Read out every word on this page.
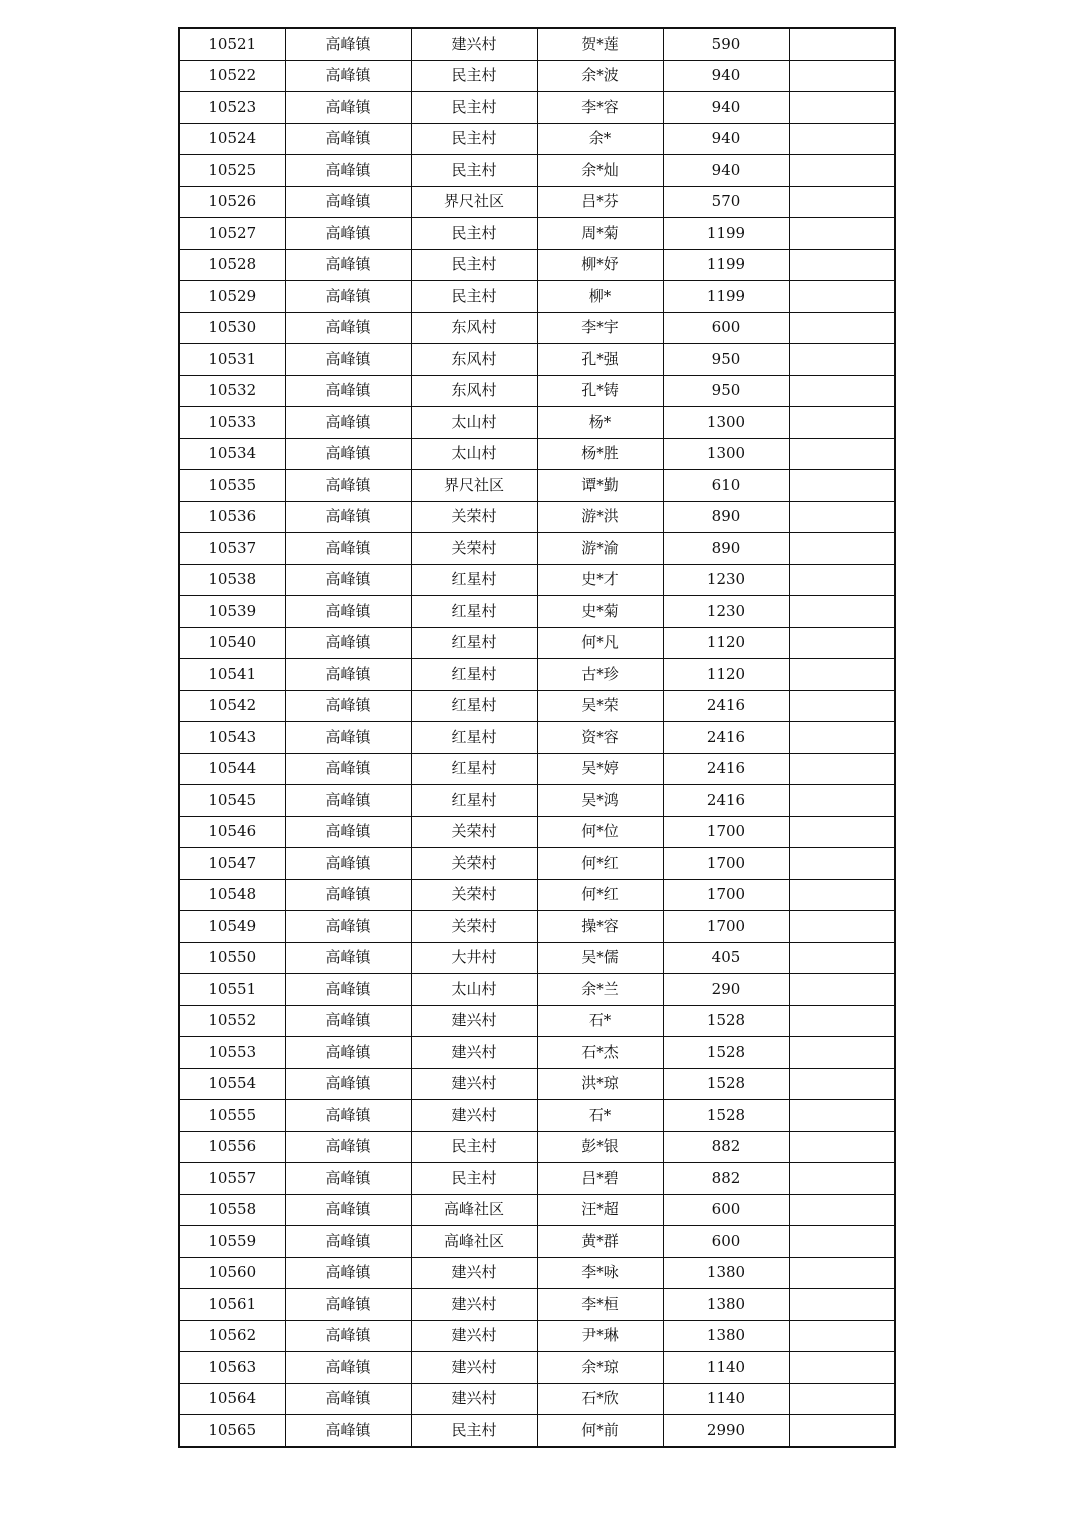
10521	高峰镇	建兴村	贺*莲	590	
10522	高峰镇	民主村	余*波	940	
10523	高峰镇	民主村	李*容	940	
10524	高峰镇	民主村	余*	940	
10525	高峰镇	民主村	余*灿	940	
10526	高峰镇	界尺社区	吕*芬	570	
10527	高峰镇	民主村	周*菊	1199	
10528	高峰镇	民主村	柳*妤	1199	
10529	高峰镇	民主村	柳*	1199	
10530	高峰镇	东风村	李*宇	600	
10531	高峰镇	东风村	孔*强	950	
10532	高峰镇	东风村	孔*铸	950	
10533	高峰镇	太山村	杨*	1300	
10534	高峰镇	太山村	杨*胜	1300	
10535	高峰镇	界尺社区	谭*勤	610	
10536	高峰镇	关荣村	游*洪	890	
10537	高峰镇	关荣村	游*渝	890	
10538	高峰镇	红星村	史*才	1230	
10539	高峰镇	红星村	史*菊	1230	
10540	高峰镇	红星村	何*凡	1120	
10541	高峰镇	红星村	古*珍	1120	
10542	高峰镇	红星村	吴*荣	2416	
10543	高峰镇	红星村	资*容	2416	
10544	高峰镇	红星村	吴*婷	2416	
10545	高峰镇	红星村	吴*鸿	2416	
10546	高峰镇	关荣村	何*位	1700	
10547	高峰镇	关荣村	何*红	1700	
10548	高峰镇	关荣村	何*红	1700	
10549	高峰镇	关荣村	操*容	1700	
10550	高峰镇	大井村	吴*儒	405	
10551	高峰镇	太山村	余*兰	290	
10552	高峰镇	建兴村	石*	1528	
10553	高峰镇	建兴村	石*杰	1528	
10554	高峰镇	建兴村	洪*琼	1528	
10555	高峰镇	建兴村	石*	1528	
10556	高峰镇	民主村	彭*银	882	
10557	高峰镇	民主村	吕*碧	882	
10558	高峰镇	高峰社区	汪*超	600	
10559	高峰镇	高峰社区	黄*群	600	
10560	高峰镇	建兴村	李*咏	1380	
10561	高峰镇	建兴村	李*桓	1380	
10562	高峰镇	建兴村	尹*琳	1380	
10563	高峰镇	建兴村	余*琼	1140	
10564	高峰镇	建兴村	石*欣	1140	
10565	高峰镇	民主村	何*前	2990	
